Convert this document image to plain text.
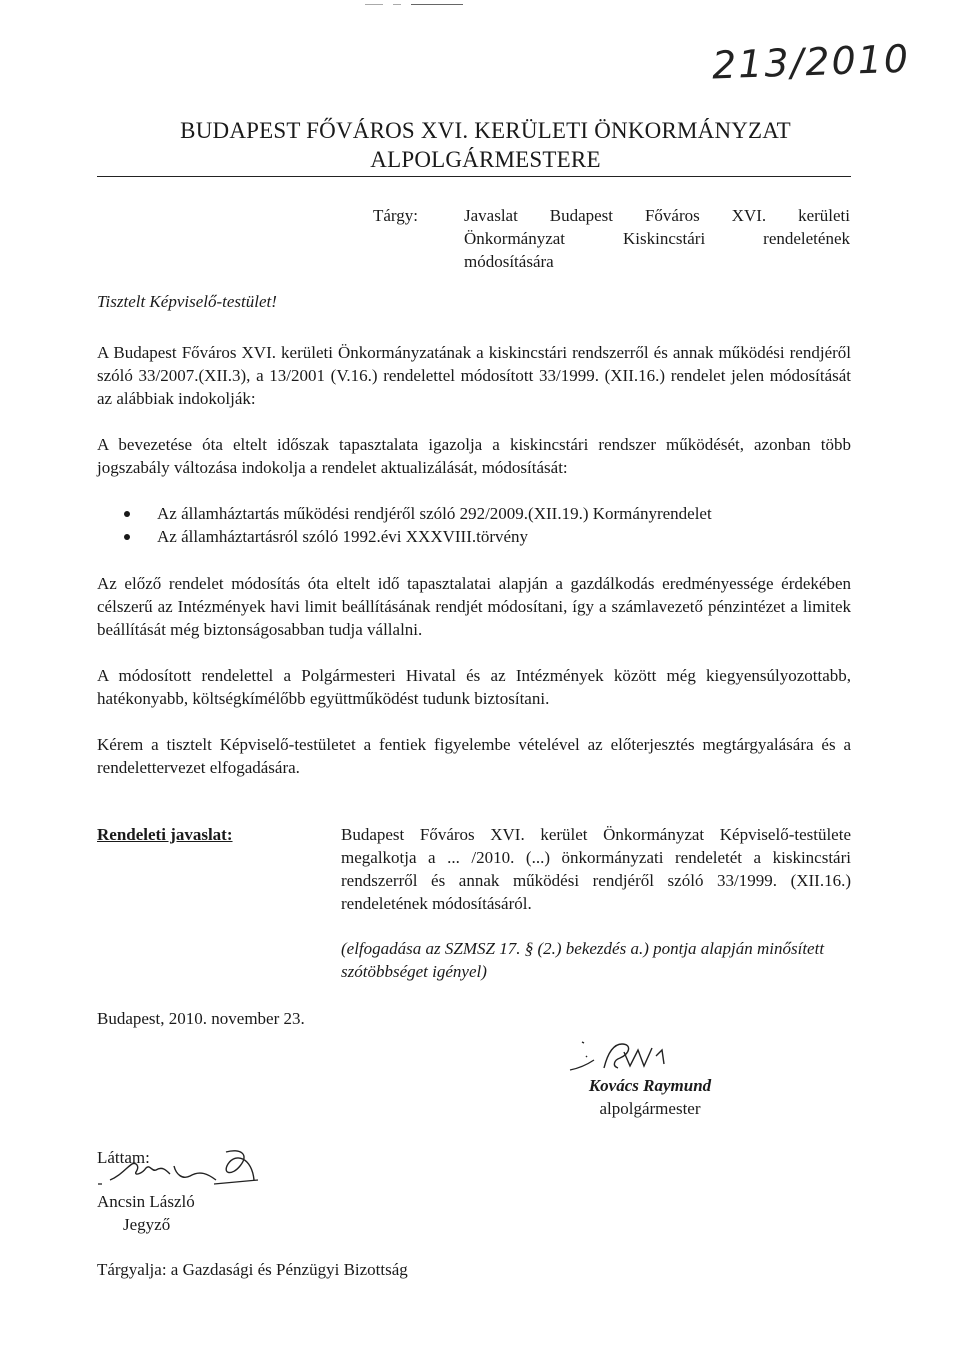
213/2010
BUDAPEST FŐVÁROS XVI. KERÜLETI ÖNKORMÁNYZAT
ALPOLGÁRMESTERE
Tárgy:	Javaslat Budapest Főváros XVI. kerületi
Önkormányzat Kiskincstári rendeletének
módosítására
Tisztelt Képviselő-testület!
A Budapest Főváros XVI. kerületi Önkormányzatának a kiskincstári rendszerről és annak működési rendjéről szóló 33/2007.(XII.3), a 13/2001 (V.16.) rendelettel módosított 33/1999. (XII.16.) rendelet jelen módosítását az alábbiak indokolják:
A bevezetése óta eltelt időszak tapasztalata igazolja a kiskincstári rendszer működését, azonban több jogszabály változása indokolja a rendelet aktualizálását, módosítását:
Az államháztartás működési rendjéről szóló 292/2009.(XII.19.) Kormányrendelet
Az államháztartásról szóló 1992.évi XXXVIII.törvény
Az előző rendelet módosítás óta eltelt idő tapasztalatai alapján a gazdálkodás eredményessége érdekében célszerű az Intézmények havi limit beállításának rendjét módosítani, így a számlavezető pénzintézet a limitek beállítását még biztonságosabban tudja vállalni.
A módosított rendelettel a Polgármesteri Hivatal és az Intézmények között még kiegyensúlyozottabb, hatékonyabb, költségkímélőbb együttműködést tudunk biztosítani.
Kérem a tisztelt Képviselő-testületet a fentiek figyelembe vételével az előterjesztés megtárgyalására és a rendelettervezet elfogadására.
Rendeleti javaslat:	Budapest Főváros XVI. kerület Önkormányzat Képviselő-testülete megalkotja a ... /2010. (...) önkormányzati rendeletét a kiskincstári rendszerről és annak működési rendjéről szóló 33/1999. (XII.16.) rendeletének módosításáról.
(elfogadása az SZMSZ 17. § (2.) bekezdés a.) pontja alapján minősített szótöbbséget igényel)
Budapest, 2010. november 23.
Kovács Raymund
alpolgármester
Láttam:
Ancsin László
Jegyző
Tárgyalja: a Gazdasági és Pénzügyi Bizottság
